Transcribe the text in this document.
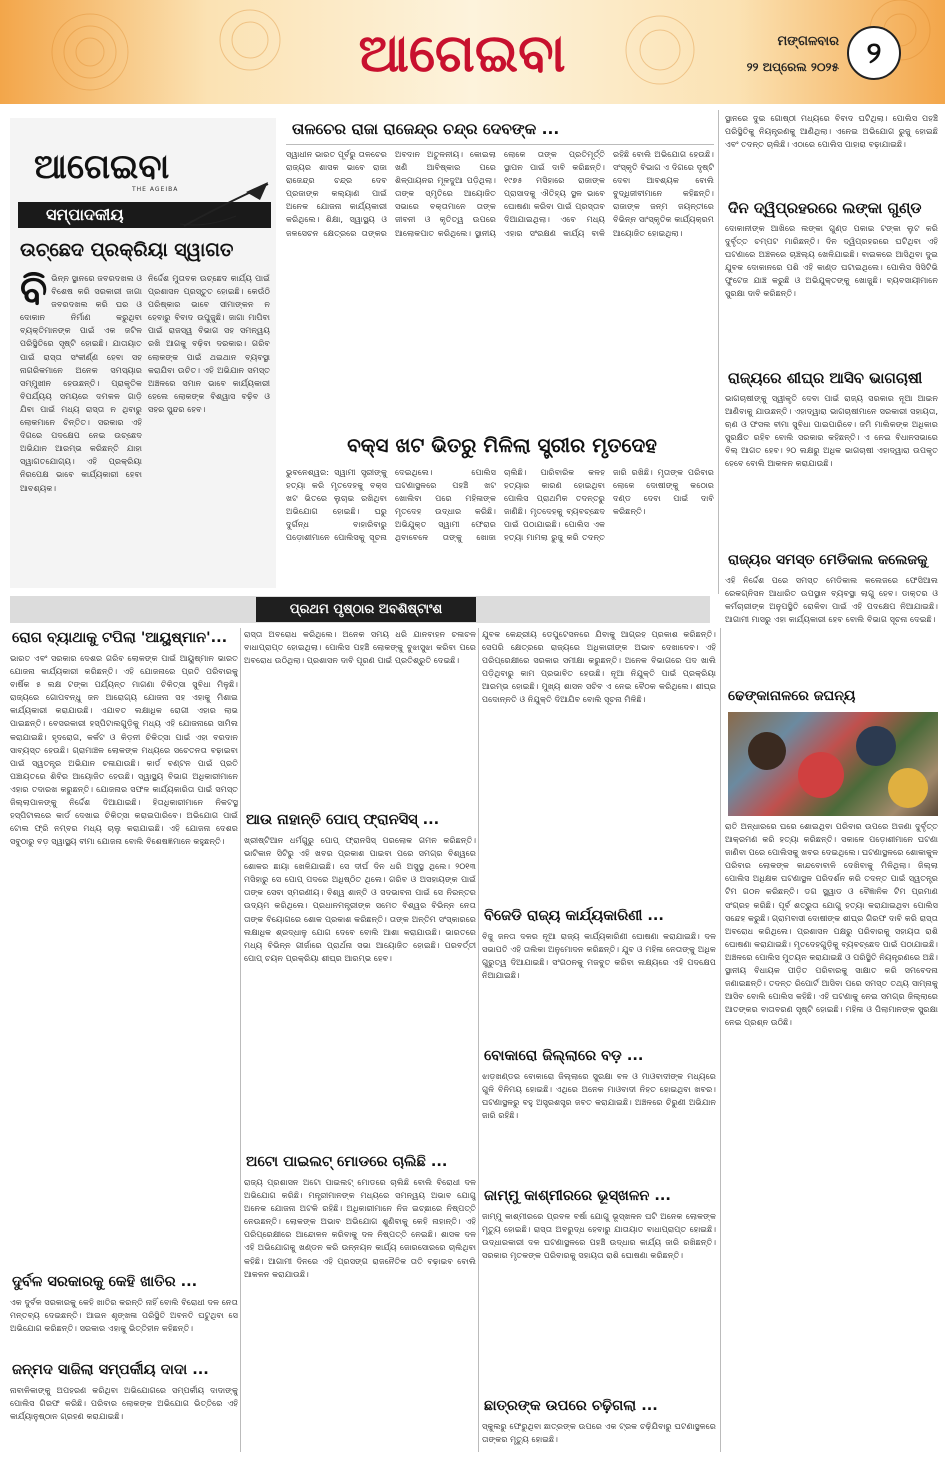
ଆଗେଇବା	ମଙ୍ଗଳବାର
୨୨ ଅପ୍ରେଲ ୨୦୨୫ ୨
ଆଗେଇବା
THE AGEIBA
ସମ୍ପାଦକୀୟ
ଉଚ୍ଛେଦ ପ୍ରକ୍ରିୟା ସ୍ୱାଗତ
ବିଭିନ୍ନ ସ୍ଥାନରେ ଜବରଦଖଲ ଓ ବିଶେଷ କରି ସରକାରୀ ଜାଗା ଜବରଦଖଲ କରି ଘର ଓ ଦୋକାନ ନିର୍ମାଣ କରୁଥିବା ବ୍ୟକ୍ତିମାନଙ୍କ ପାଇଁ ଏକ ଜଟିଳ ପରିସ୍ଥିତିରେ ସୃଷ୍ଟି ହୋଇଛି। ଯାତାୟାତ ପାଇଁ ରାସ୍ତା ସଂକୀର୍ଣ୍ଣ ହେବା ସହ ନାଗରିକମାନେ ଅନେକ ସମସ୍ୟାର ସମ୍ମୁଖୀନ ହେଉଛନ୍ତି। ପ୍ରାକୃତିକ ବିପର୍ଯ୍ୟୟ ସମୟରେ ଦମକଳ ଗାଡ଼ି ଯିବା ପାଇଁ ମଧ୍ୟ ରାସ୍ତା ନ ଥିବାରୁ ଲୋକମାନେ ଚିନ୍ତିତ। ସରକାର ଏହି ଦିଗରେ ପଦକ୍ଷେପ ନେଇ ଉଚ୍ଛେଦ ଅଭିଯାନ ଆରମ୍ଭ କରିଛନ୍ତି ଯାହା ସ୍ୱାଗତଯୋଗ୍ୟ। ଏହି ପ୍ରକ୍ରିୟା ନିରପେକ୍ଷ ଭାବେ କାର୍ଯ୍ୟକାରୀ ହେବା ଆବଶ୍ୟକ।
ନିର୍ଦ୍ଦେଶ ମୁତାବକ ଉଚ୍ଛେଦ କାର୍ଯ୍ୟ ପାଇଁ ପ୍ରଶାସନ ପ୍ରସ୍ତୁତ ହୋଇଛି। କେଉଁଠି ପରିଷ୍କାର ଭାବେ ସୀମାଙ୍କନ ନ ହେବାରୁ ବିବାଦ ଉପୁଜୁଛି। ଜାଗା ମାପିବା ପାଇଁ ରାଜସ୍ୱ ବିଭାଗ ସହ ସମନ୍ୱୟ ରଖି ଆଗକୁ ବଢ଼ିବା ଦରକାର। ଗରିବ ଲୋକଙ୍କ ପାଇଁ ଥଇଥାନ ବ୍ୟବସ୍ଥା କରାଯିବା ଉଚିତ। ଏହି ଅଭିଯାନ ସମସ୍ତ ଅଞ୍ଚଳରେ ସମାନ ଭାବେ କାର୍ଯ୍ୟକାରୀ ହେଲେ ଲୋକଙ୍କ ବିଶ୍ୱାସ ବଢ଼ିବ ଓ ସହର ସୁନ୍ଦର ହେବ।
ତାଳଚେର ରାଜା ରାଜେନ୍ଦ୍ର ଚନ୍ଦ୍ର ଦେବଙ୍କ ...
ସ୍ୱାଧୀନ ଭାରତ ପୂର୍ବରୁ ତାଳଚେର ରାଜ୍ୟର ଶାସକ ଭାବେ ରାଜା ରାଜେନ୍ଦ୍ର ଚନ୍ଦ୍ର ଦେବ ପ୍ରଜାଙ୍କ କଲ୍ୟାଣ ପାଇଁ ଅନେକ ଯୋଜନା କାର୍ଯ୍ୟକାରୀ କରିଥିଲେ। ଶିକ୍ଷା, ସ୍ୱାସ୍ଥ୍ୟ ଓ ଜଳସେଚନ କ୍ଷେତ୍ରରେ ତାଙ୍କର ଅବଦାନ ଅତୁଳନୀୟ। କୋଇଲା ଖଣି ଆବିଷ୍କାର ପରେ ଶିଳ୍ପାୟନର ମୂଳଦୁଆ ପଡ଼ିଥିଲା। ତାଙ୍କ ସ୍ମୃତିରେ ଆୟୋଜିତ ସଭାରେ ବକ୍ତାମାନେ ତାଙ୍କ ଜୀବନୀ ଓ କୃତିତ୍ୱ ଉପରେ ଆଲୋକପାତ କରିଥିଲେ। ସ୍ଥାନୀୟ ଲୋକେ ତାଙ୍କ ପ୍ରତିମୂର୍ତ୍ତି ସ୍ଥାପନ ପାଇଁ ଦାବି କରିଛନ୍ତି। ୧୯୭୫ ମସିହାରେ ରାଜାଙ୍କ ପ୍ରାସାଦକୁ ଐତିହ୍ୟ ସ୍ଥଳ ଭାବେ ଘୋଷଣା କରିବା ପାଇଁ ପ୍ରସ୍ତାବ ଦିଆଯାଇଥିଲା। ଏବେ ମଧ୍ୟ ଏହାର ସଂରକ୍ଷଣ କାର୍ଯ୍ୟ ବାକି ରହିଛି ବୋଲି ଅଭିଯୋଗ ହେଉଛି। ସଂସ୍କୃତି ବିଭାଗ ଏ ଦିଗରେ ଦୃଷ୍ଟି ଦେବା ଆବଶ୍ୟକ ବୋଲି ବୁଦ୍ଧିଜୀବୀମାନେ କହିଛନ୍ତି। ରାଜାଙ୍କ ଜନ୍ମ ଜୟନ୍ତୀରେ ବିଭିନ୍ନ ସାଂସ୍କୃତିକ କାର୍ଯ୍ୟକ୍ରମ ଆୟୋଜିତ ହୋଇଥିଲା।
ବକ୍ସ ଖଟ ଭିତରୁ ମିଳିଲା ସ୍ତ୍ରୀର ମୃତଦେହ
ଭୁବନେଶ୍ୱର: ସ୍ୱାମୀ ସ୍ତ୍ରୀଙ୍କୁ ହତ୍ୟା କରି ମୃତଦେହକୁ ବକ୍ସ ଖଟ ଭିତରେ ଲୁଚାଇ ରଖିଥିବା ଅଭିଯୋଗ ହୋଇଛି। ଘରୁ ଦୁର୍ଗନ୍ଧ ବାହାରିବାରୁ ପଡ଼ୋଶୀମାନେ ପୋଲିସକୁ ସୂଚନା ଦେଇଥିଲେ। ପୋଲିସ ଘଟଣାସ୍ଥଳରେ ପହଞ୍ଚି ଖଟ ଖୋଲିବା ପରେ ମହିଳାଙ୍କ ମୃତଦେହ ଉଦ୍ଧାର କରିଛି। ଅଭିଯୁକ୍ତ ସ୍ୱାମୀ ଫେରାର ଥିବାବେଳେ ତାଙ୍କୁ ଖୋଜା ଚାଲିଛି। ପାରିବାରିକ କଳହ ହତ୍ୟାର କାରଣ ହୋଇଥିବା ପୋଲିସ ପ୍ରାଥମିକ ତଦନ୍ତରୁ ଜାଣିଛି। ମୃତଦେହକୁ ବ୍ୟବଚ୍ଛେଦ ପାଇଁ ପଠାଯାଇଛି। ପୋଲିସ ଏକ ହତ୍ୟା ମାମଲା ରୁଜୁ କରି ତଦନ୍ତ ଜାରି ରଖିଛି। ମୃତାଙ୍କ ପରିବାର ଲୋକେ ଦୋଷୀଙ୍କୁ କଠୋର ଦଣ୍ଡ ଦେବା ପାଇଁ ଦାବି କରିଛନ୍ତି।
ସ୍ଥାନରେ ଦୁଇ ଗୋଷ୍ଠୀ ମଧ୍ୟରେ ବିବାଦ ଘଟିଥିଲା। ପୋଲିସ ପହଞ୍ଚି ପରିସ୍ଥିତିକୁ ନିୟନ୍ତ୍ରଣକୁ ଆଣିଥିଲା। ଏନେଇ ଅଭିଯୋଗ ରୁଜୁ ହୋଇଛି ଏବଂ ତଦନ୍ତ ଚାଲିଛି। ଏଠାରେ ପୋଲିସ ପାହାରା ବଢ଼ାଯାଇଛି।
ଦିନ ଦ୍ୱିପ୍ରହରରେ ଲଙ୍କା ଗୁଣ୍ଡ
ଦୋକାନୀଙ୍କ ଆଖିରେ ଲଙ୍କା ଗୁଣ୍ଡ ପକାଇ ଟଙ୍କା ଲୁଟ କରି ଦୁର୍ବୃତ୍ତ ଚମ୍ପଟ ମାରିଛନ୍ତି। ଦିନ ଦ୍ୱିପ୍ରହରରେ ଘଟିଥିବା ଏହି ଘଟଣାରେ ଅଞ୍ଚଳରେ ଚାଞ୍ଚଲ୍ୟ ଖେଳିଯାଇଛି। ବାଇକରେ ଆସିଥିବା ଦୁଇ ଯୁବକ ଦୋକାନରେ ପଶି ଏହି କାଣ୍ଡ ଘଟାଇଥିଲେ। ପୋଲିସ ସିସିଟିଭି ଫୁଟେଜ ଯାଞ୍ଚ କରୁଛି ଓ ଅଭିଯୁକ୍ତଙ୍କୁ ଖୋଜୁଛି। ବ୍ୟବସାୟୀମାନେ ସୁରକ୍ଷା ଦାବି କରିଛନ୍ତି।
ରାଜ୍ୟରେ ଶୀଘ୍ର ଆସିବ ଭାଗଚାଷୀ
ଭାଗଚାଷୀଙ୍କୁ ସ୍ୱୀକୃତି ଦେବା ପାଇଁ ରାଜ୍ୟ ସରକାର ନୂଆ ଆଇନ ଆଣିବାକୁ ଯାଉଛନ୍ତି। ଏହାଦ୍ୱାରା ଭାଗଚାଷୀମାନେ ସରକାରୀ ସହାୟତା, ଋଣ ଓ ଫସଲ ବୀମା ସୁବିଧା ପାଇପାରିବେ। ଜମି ମାଲିକଙ୍କ ଅଧିକାର ସୁରକ୍ଷିତ ରହିବ ବୋଲି ସରକାର କହିଛନ୍ତି। ଏ ନେଇ ବିଧାନସଭାରେ ବିଲ୍ ଆଗତ ହେବ। ୨୦ ଲକ୍ଷରୁ ଅଧିକ ଭାଗଚାଷୀ ଏହାଦ୍ୱାରା ଉପକୃତ ହେବେ ବୋଲି ଆକଳନ କରାଯାଉଛି।
ରାଜ୍ୟର ସମସ୍ତ ମେଡିକାଲ କଲେଜକୁ
ଏହି ନିର୍ଦ୍ଦେଶ ପରେ ସମସ୍ତ ମେଡିକାଲ କଲେଜରେ ଫେସିଆଲ ରେକଗ୍ନିସନ ଆଧାରିତ ଉପସ୍ଥାନ ବ୍ୟବସ୍ଥା ଲାଗୁ ହେବ। ଡାକ୍ତର ଓ କର୍ମଚାରୀଙ୍କ ଅନୁପସ୍ଥିତି ରୋକିବା ପାଇଁ ଏହି ପଦକ୍ଷେପ ନିଆଯାଇଛି। ଆଗାମୀ ମାସରୁ ଏହା କାର୍ଯ୍ୟକାରୀ ହେବ ବୋଲି ବିଭାଗ ସୂଚନା ଦେଇଛି।
ଢେଙ୍କାନାଳରେ ଜଘନ୍ୟ
ରାତି ଅନ୍ଧାରରେ ଘରେ ଶୋଇଥିବା ପରିବାର ଉପରେ ଅଜଣା ଦୁର୍ବୃତ୍ତ ଆକ୍ରମଣ କରି ହତ୍ୟା କରିଛନ୍ତି। ସକାଳେ ପଡ଼ୋଶୀମାନେ ଘଟଣା ଜାଣିବା ପରେ ପୋଲିସକୁ ଖବର ଦେଇଥିଲେ। ଘଟଣାସ୍ଥଳରେ ଶୋକାକୁଳ ପରିବାର ଲୋକଙ୍କ କାନ୍ଦବୋବାଳି ଦେଖିବାକୁ ମିଳିଥିଲା। ଜିଲ୍ଲା ପୋଲିସ ଅଧିକ୍ଷକ ଘଟଣାସ୍ଥଳ ପରିଦର୍ଶନ କରି ତଦନ୍ତ ପାଇଁ ସ୍ୱତନ୍ତ୍ର ଟିମ ଗଠନ କରିଛନ୍ତି। ଡଗ ସ୍କ୍ୱାଡ ଓ ବୈଜ୍ଞାନିକ ଟିମ ପ୍ରମାଣ ସଂଗ୍ରହ କରିଛି। ପୂର୍ବ ଶତ୍ରୁତା ଯୋଗୁ ହତ୍ୟା କରାଯାଇଥିବା ପୋଲିସ ସନ୍ଦେହ କରୁଛି। ଗ୍ରାମବାସୀ ଦୋଷୀଙ୍କ ଶୀଘ୍ର ଗିରଫ ଦାବି କରି ରାସ୍ତା ଅବରୋଧ କରିଥିଲେ। ପ୍ରଶାସନ ପକ୍ଷରୁ ପରିବାରକୁ ସହାୟତା ରାଶି ଘୋଷଣା କରାଯାଇଛି। ମୃତଦେହଗୁଡ଼ିକୁ ବ୍ୟବଚ୍ଛେଦ ପାଇଁ ପଠାଯାଇଛି। ଅଞ୍ଚଳରେ ପୋଲିସ ମୁତୟନ କରାଯାଇଛି ଓ ପରିସ୍ଥିତି ନିୟନ୍ତ୍ରଣରେ ଅଛି। ସ୍ଥାନୀୟ ବିଧାୟକ ପୀଡ଼ିତ ପରିବାରକୁ ସାକ୍ଷାତ କରି ସମବେଦନା ଜଣାଇଛନ୍ତି। ତଦନ୍ତ ରିପୋର୍ଟ ଆସିବା ପରେ ସମସ୍ତ ତଥ୍ୟ ସାମ୍ନାକୁ ଆସିବ ବୋଲି ପୋଲିସ କହିଛି। ଏହି ଘଟଣାକୁ ନେଇ ସମଗ୍ର ଜିଲ୍ଲାରେ ଆତଙ୍କର ବାତାବରଣ ସୃଷ୍ଟି ହୋଇଛି। ମହିଳା ଓ ପିଲାମାନଙ୍କ ସୁରକ୍ଷା ନେଇ ପ୍ରଶ୍ନ ଉଠିଛି।
ପ୍ରଥମ ପୃଷ୍ଠାର ଅବଶିଷ୍ଟାଂଶ
ରୋଗ ବ୍ୟାଥାକୁ ଟପିଲା 'ଆୟୁଷ୍ମାନ'...
ଭାରତ ଏବଂ ସରକାର ଦେଶର ଗରିବ ଲୋକଙ୍କ ପାଇଁ ଆୟୁଷ୍ମାନ ଭାରତ ଯୋଜନା କାର୍ଯ୍ୟକାରୀ କରିଛନ୍ତି। ଏହି ଯୋଜନାରେ ପ୍ରତି ପରିବାରକୁ ବାର୍ଷିକ ୫ ଲକ୍ଷ ଟଙ୍କା ପର୍ଯ୍ୟନ୍ତ ମାଗଣା ଚିକିତ୍ସା ସୁବିଧା ମିଳୁଛି। ରାଜ୍ୟରେ ଗୋପବନ୍ଧୁ ଜନ ଆରୋଗ୍ୟ ଯୋଜନା ସହ ଏହାକୁ ମିଶାଇ କାର୍ଯ୍ୟକାରୀ କରାଯାଉଛି। ଏଯାବତ ଲକ୍ଷାଧିକ ରୋଗୀ ଏହାର ଲାଭ ପାଇଛନ୍ତି। ବେସରକାରୀ ହସ୍ପିଟାଲଗୁଡ଼ିକୁ ମଧ୍ୟ ଏହି ଯୋଜନାରେ ସାମିଲ କରାଯାଇଛି। ହୃଦରୋଗ, କର୍କଟ ଓ କିଡ଼ନୀ ଚିକିତ୍ସା ପାଇଁ ଏହା ବରଦାନ ସାବ୍ୟସ୍ତ ହେଉଛି। ଗ୍ରାମାଞ୍ଚଳ ଲୋକଙ୍କ ମଧ୍ୟରେ ସଚେତନତା ବଢ଼ାଇବା ପାଇଁ ସ୍ୱତନ୍ତ୍ର ଅଭିଯାନ ଚଳାଯାଉଛି। କାର୍ଡ ବଣ୍ଟନ ପାଇଁ ପ୍ରତି ପଞ୍ଚାୟତରେ ଶିବିର ଆୟୋଜିତ ହେଉଛି। ସ୍ୱାସ୍ଥ୍ୟ ବିଭାଗ ଅଧିକାରୀମାନେ ଏହାର ତଦାରଖ କରୁଛନ୍ତି। ଯୋଜନାର ସଫଳ କାର୍ଯ୍ୟକାରିତା ପାଇଁ ସମସ୍ତ ଜିଲ୍ଲାପାଳଙ୍କୁ ନିର୍ଦ୍ଦେଶ ଦିଆଯାଇଛି। ହିତାଧିକାରୀମାନେ ନିକଟସ୍ଥ ହସ୍ପିଟାଲରେ କାର୍ଡ ଦେଖାଇ ଚିକିତ୍ସା କରାଇପାରିବେ। ଅଭିଯୋଗ ପାଇଁ ଟୋଲ ଫ୍ରି ନମ୍ବର ମଧ୍ୟ ଚାଲୁ କରାଯାଇଛି। ଏହି ଯୋଜନା ଦେଶର ସବୁଠାରୁ ବଡ଼ ସ୍ୱାସ୍ଥ୍ୟ ବୀମା ଯୋଜନା ବୋଲି ବିଶେଷଜ୍ଞମାନେ କହୁଛନ୍ତି।
ଦୁର୍ବଳ ସରକାରକୁ କେହି ଖାତିର ...
ଏକ ଦୁର୍ବଳ ସରକାରକୁ କେହି ଖାତିର କରନ୍ତି ନାହିଁ ବୋଲି ବିରୋଧୀ ଦଳ ନେତା ମନ୍ତବ୍ୟ ଦେଇଛନ୍ତି। ଆଇନ ଶୃଙ୍ଖଳା ପରିସ୍ଥିତି ଅବନତି ଘଟୁଥିବା ସେ ଅଭିଯୋଗ କରିଛନ୍ତି। ସରକାର ଏହାକୁ ଭିତ୍ତିହୀନ କହିଛନ୍ତି।
ଜନ୍ମଦ ସାଜିଲା ସମ୍ପର୍କୀୟ ଦାଦା ...
ନାବାଳିକାଙ୍କୁ ଅପହରଣ କରିଥିବା ଅଭିଯୋଗରେ ସମ୍ପର୍କୀୟ ଦାଦାଙ୍କୁ ପୋଲିସ ଗିରଫ କରିଛି। ପରିବାର ଲୋକଙ୍କ ଅଭିଯୋଗ ଭିତ୍ତିରେ ଏହି କାର୍ଯ୍ୟାନୁଷ୍ଠାନ ଗ୍ରହଣ କରାଯାଇଛି।
ରାସ୍ତା ଅବରୋଧ କରିଥିଲେ। ଅନେକ ସମୟ ଧରି ଯାନବାହନ ଚଳାଚଳ ବାଧାପ୍ରାପ୍ତ ହୋଇଥିଲା। ପୋଲିସ ପହଞ୍ଚି ଲୋକଙ୍କୁ ବୁଝାସୁଝା କରିବା ପରେ ଅବରୋଧ ଉଠିଥିଲା। ପ୍ରଶାସନ ଦାବି ପୂରଣ ପାଇଁ ପ୍ରତିଶ୍ରୁତି ଦେଇଛି।
ଆଉ ନାହାନ୍ତି ପୋପ୍ ଫ୍ରାନସିସ୍ ...
ଖ୍ରୀଷ୍ଟିଆନ ଧର୍ମଗୁରୁ ପୋପ୍ ଫ୍ରାନସିସ୍ ପରଲୋକ ଗମନ କରିଛନ୍ତି। ଭାଟିକାନ ସିଟିରୁ ଏହି ଖବର ପ୍ରକାଶ ପାଇବା ପରେ ସମଗ୍ର ବିଶ୍ୱରେ ଶୋକର ଛାୟା ଖେଳିଯାଇଛି। ସେ ଦୀର୍ଘ ଦିନ ଧରି ଅସୁସ୍ଥ ଥିଲେ। ୨୦୧୩ ମସିହାରୁ ସେ ପୋପ୍ ପଦରେ ଅଧିଷ୍ଠିତ ଥିଲେ। ଗରିବ ଓ ଅସହାୟଙ୍କ ପାଇଁ ତାଙ୍କ ସେବା ସ୍ମରଣୀୟ। ବିଶ୍ୱ ଶାନ୍ତି ଓ ସଦଭାବନା ପାଇଁ ସେ ନିରନ୍ତର ଉଦ୍ୟମ କରିଥିଲେ। ପ୍ରଧାନମନ୍ତ୍ରୀଙ୍କ ସମେତ ବିଶ୍ୱର ବିଭିନ୍ନ ନେତା ତାଙ୍କ ବିୟୋଗରେ ଶୋକ ପ୍ରକାଶ କରିଛନ୍ତି। ତାଙ୍କ ଅନ୍ତିମ ସଂସ୍କାରରେ ଲକ୍ଷାଧିକ ଶ୍ରଦ୍ଧାଳୁ ଯୋଗ ଦେବେ ବୋଲି ଆଶା କରାଯାଉଛି। ଭାରତରେ ମଧ୍ୟ ବିଭିନ୍ନ ଗୀର୍ଜାରେ ପ୍ରାର୍ଥନା ସଭା ଆୟୋଜିତ ହୋଇଛି। ପରବର୍ତ୍ତୀ ପୋପ୍ ଚୟନ ପ୍ରକ୍ରିୟା ଶୀଘ୍ର ଆରମ୍ଭ ହେବ।
ଅଟୋ ପାଇଲଟ୍ ମୋଡରେ ଚାଲିଛି ...
ରାଜ୍ୟ ପ୍ରଶାସନ ଅଟୋ ପାଇଲଟ୍ ମୋଡରେ ଚାଲିଛି ବୋଲି ବିରୋଧୀ ଦଳ ଅଭିଯୋଗ କରିଛି। ମନ୍ତ୍ରୀମାନଙ୍କ ମଧ୍ୟରେ ସମନ୍ୱୟ ଅଭାବ ଯୋଗୁ ଅନେକ ଯୋଜନା ଅଟକି ରହିଛି। ଅଧିକାରୀମାନେ ନିଜ ଇଚ୍ଛାରେ ନିଷ୍ପତ୍ତି ନେଉଛନ୍ତି। ଲୋକଙ୍କ ଅଭାବ ଅଭିଯୋଗ ଶୁଣିବାକୁ କେହି ନାହାନ୍ତି। ଏହି ପରିପ୍ରେକ୍ଷୀରେ ଆନ୍ଦୋଳନ କରିବାକୁ ଦଳ ନିଷ୍ପତ୍ତି ନେଇଛି। ଶାସକ ଦଳ ଏହି ଅଭିଯୋଗକୁ ଖଣ୍ଡନ କରି ଉନ୍ନୟନ କାର୍ଯ୍ୟ ଜୋରସୋରରେ ଚାଲିଥିବା କହିଛି। ଆଗାମୀ ଦିନରେ ଏହି ପ୍ରସଙ୍ଗ ରାଜନୈତିକ ତାତି ବଢ଼ାଇବ ବୋଲି ଆକଳନ କରାଯାଉଛି।
ଯୁବକ କେନ୍ଦ୍ରୀୟ ଡେପୁଟେସନରେ ଯିବାକୁ ଆଗ୍ରହ ପ୍ରକାଶ କରିଛନ୍ତି। ସେପରି କ୍ଷେତ୍ରରେ ରାଜ୍ୟରେ ଅଧିକାରୀଙ୍କ ଅଭାବ ଦେଖାଦେବ। ଏହି ପରିପ୍ରେକ୍ଷୀରେ ସରକାର ସମୀକ୍ଷା କରୁଛନ୍ତି। ଅନେକ ବିଭାଗରେ ପଦ ଖାଲି ପଡ଼ିଥିବାରୁ କାମ ପ୍ରଭାବିତ ହେଉଛି। ନୂଆ ନିଯୁକ୍ତି ପାଇଁ ପ୍ରକ୍ରିୟା ଆରମ୍ଭ ହୋଇଛି। ମୁଖ୍ୟ ଶାସନ ସଚିବ ଏ ନେଇ ବୈଠକ କରିଥିଲେ। ଶୀଘ୍ର ପଦୋନ୍ନତି ଓ ନିଯୁକ୍ତି ଦିଆଯିବ ବୋଲି ସୂଚନା ମିଳିଛି।
ବିଜେଡି ରାଜ୍ୟ କାର୍ଯ୍ୟକାରିଣୀ ...
ବିଜୁ ଜନତା ଦଳର ନୂଆ ରାଜ୍ୟ କାର୍ଯ୍ୟକାରିଣୀ ଘୋଷଣା କରାଯାଇଛି। ଦଳ ସଭାପତି ଏହି ତାଲିକା ଅନୁମୋଦନ କରିଛନ୍ତି। ଯୁବ ଓ ମହିଳା ନେତାଙ୍କୁ ଅଧିକ ଗୁରୁତ୍ୱ ଦିଆଯାଇଛି। ସଂଗଠନକୁ ମଜବୁତ କରିବା ଲକ୍ଷ୍ୟରେ ଏହି ପଦକ୍ଷେପ ନିଆଯାଇଛି।
ବୋକାରୋ ଜିଲ୍ଲାରେ ବଡ଼ ...
ଝାଡ଼ଖଣ୍ଡର ବୋକାରୋ ଜିଲ୍ଲାରେ ସୁରକ୍ଷା ବଳ ଓ ମାଓବାଦୀଙ୍କ ମଧ୍ୟରେ ଗୁଳି ବିନିମୟ ହୋଇଛି। ଏଥିରେ ଅନେକ ମାଓବାଦୀ ନିହତ ହୋଇଥିବା ଖବର। ଘଟଣାସ୍ଥଳରୁ ବହୁ ଅସ୍ତ୍ରଶସ୍ତ୍ର ଜବତ କରାଯାଇଛି। ଅଞ୍ଚଳରେ ଚିରୁଣୀ ଅଭିଯାନ ଜାରି ରହିଛି।
ଜାମ୍ମୁ କାଶ୍ମୀରରେ ଭୂସ୍ଖଳନ ...
ଜାମ୍ମୁ କାଶ୍ମୀରରେ ପ୍ରବଳ ବର୍ଷା ଯୋଗୁ ଭୂସ୍ଖଳନ ଘଟି ଅନେକ ଲୋକଙ୍କ ମୃତ୍ୟୁ ହୋଇଛି। ରାସ୍ତା ଅବରୁଦ୍ଧ ହେବାରୁ ଯାତାୟାତ ବାଧାପ୍ରାପ୍ତ ହୋଇଛି। ଉଦ୍ଧାରକାରୀ ଦଳ ଘଟଣାସ୍ଥଳରେ ପହଞ୍ଚି ଉଦ୍ଧାର କାର୍ଯ୍ୟ ଜାରି ରଖିଛନ୍ତି। ସରକାର ମୃତକଙ୍କ ପରିବାରକୁ ସହାୟତା ରାଶି ଘୋଷଣା କରିଛନ୍ତି।
ଛାତ୍ରଙ୍କ ଉପରେ ଚଢ଼ିଗଲା ...
ସ୍କୁଲରୁ ଫେରୁଥିବା ଛାତ୍ରଙ୍କ ଉପରେ ଏକ ଟ୍ରକ ଚଢ଼ିଯିବାରୁ ଘଟଣାସ୍ଥଳରେ ତାଙ୍କର ମୃତ୍ୟୁ ହୋଇଛି।
